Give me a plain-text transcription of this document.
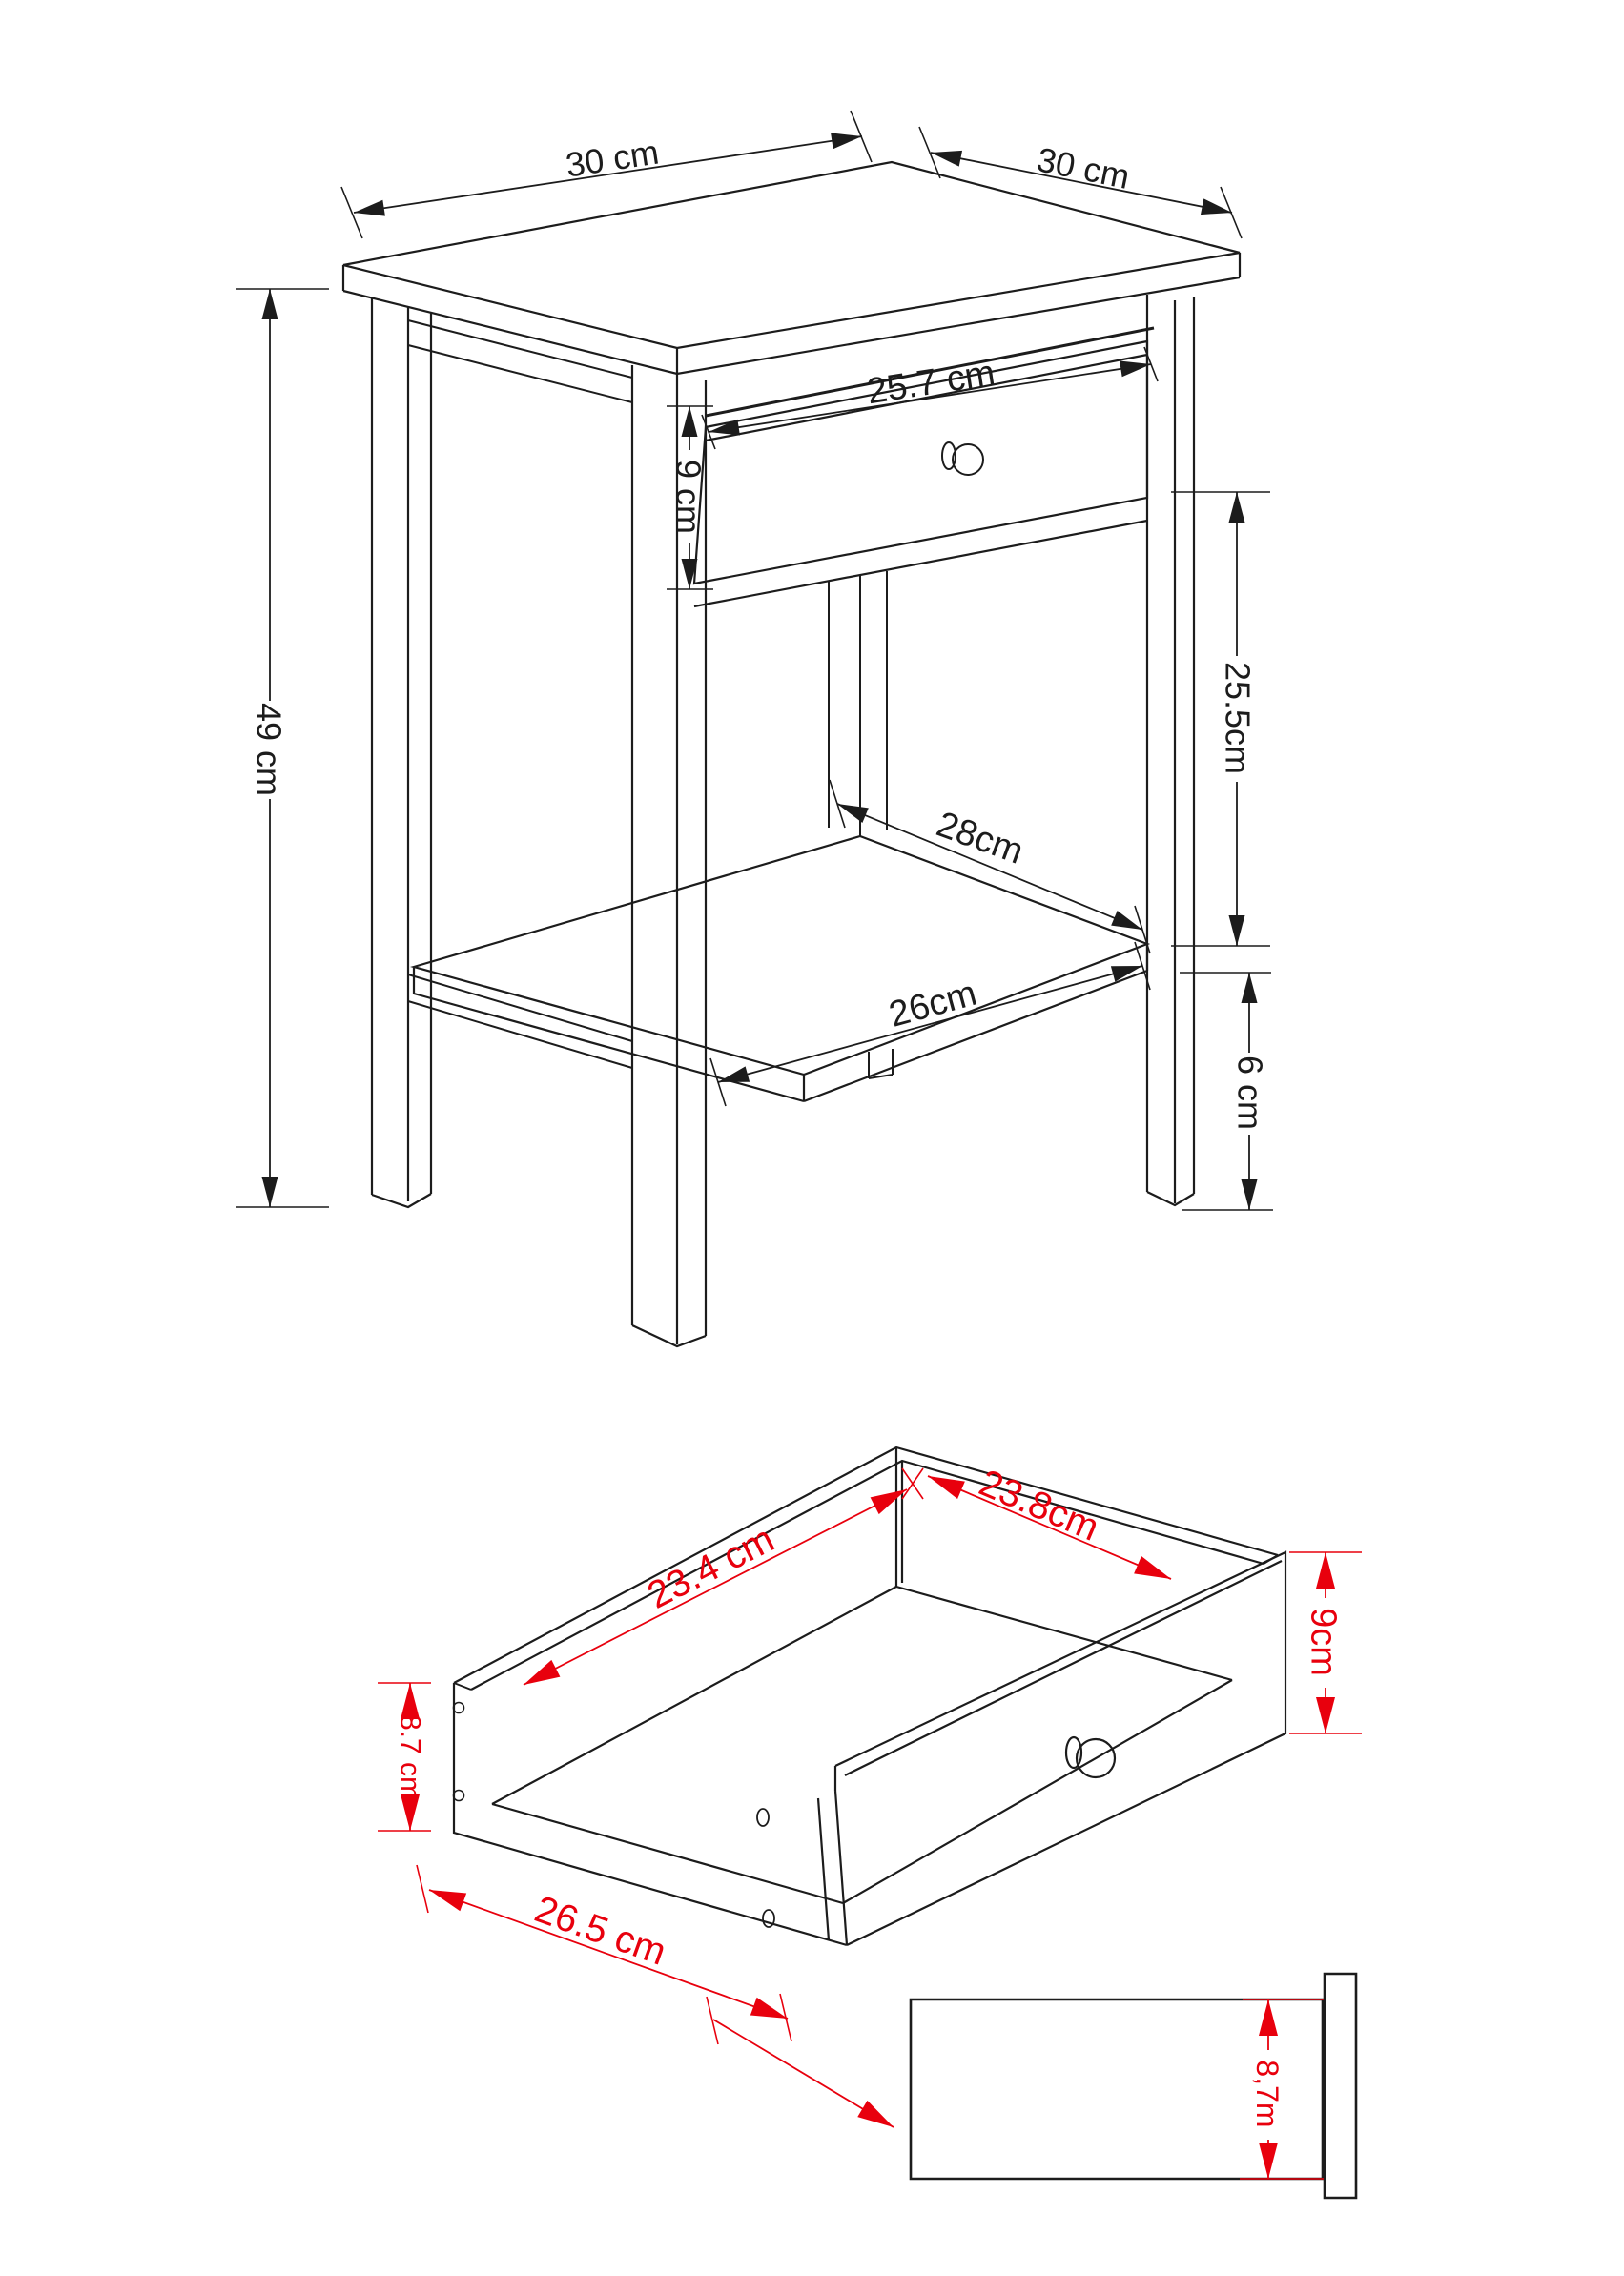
30 cm	30 cm
49 cm
25.7 cm
9 cm
25.5cm
28cm
26cm
6 cm
23.4 cm
23.8cm
9cm
8.7 cm
26.5 cm
8,7m
